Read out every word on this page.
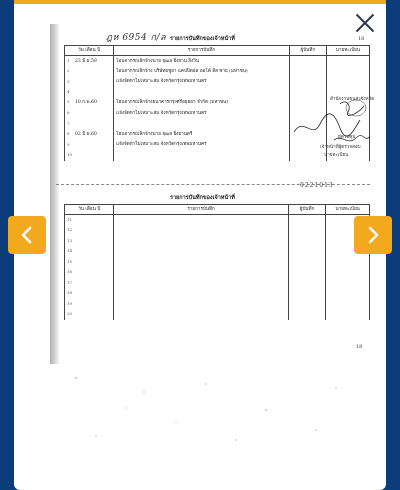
ฎห 6954 ก/ล	18
รายการบันทึกของเจ้าหน้าที่
วัน เดือน ปี	รายการบันทึก	ผู้บันทึก	นายทะเบียน
1 23 มิ.ย.59	โอนจากรถเลิกจ้างนาย ยุฒล ยิ่งยาน ยิ่งวิน		
2	โอนจากรถเลิกจ้าง บริษัทยชูยา แคปปิตอล ออโต้ ลิส ซาย (มหาชน)		
3	แจ้งจัดหาไม่เหมาะสม จังหวัดกรุงเทพมหานคร		
4			
5 10 ก.พ.60	โอนจากรถเลิกจ้างธนาคารกรุงศรีอยุธยา จำกัด (มหาชน)		
6	แจ้งจัดหาไม่เหมาะสม จังหวัดกรุงเทพมหานคร		
7			
8 02 มิ.ย.60	โอนจากรถเลิกจ้างนาย ยุฒล ยิ่งยานตรี		
9	แจ้งจัดหาไม่เหมาะสม จังหวัดกรุงเทพมหานคร		
10			
สำนักงานขนส่งจังหวัด
เจ้าหน้าที่ผู้ตรวจสอบ
นายทะเบียน
ผู้ควบคุม
0221013
รายการบันทึกของเจ้าหน้าที่
วัน เดือน ปี	รายการบันทึก	ผู้บันทึก	นายทะเบียน
11			
12			
13			
14			
15			
16			
17			
18			
19			
20			
18
